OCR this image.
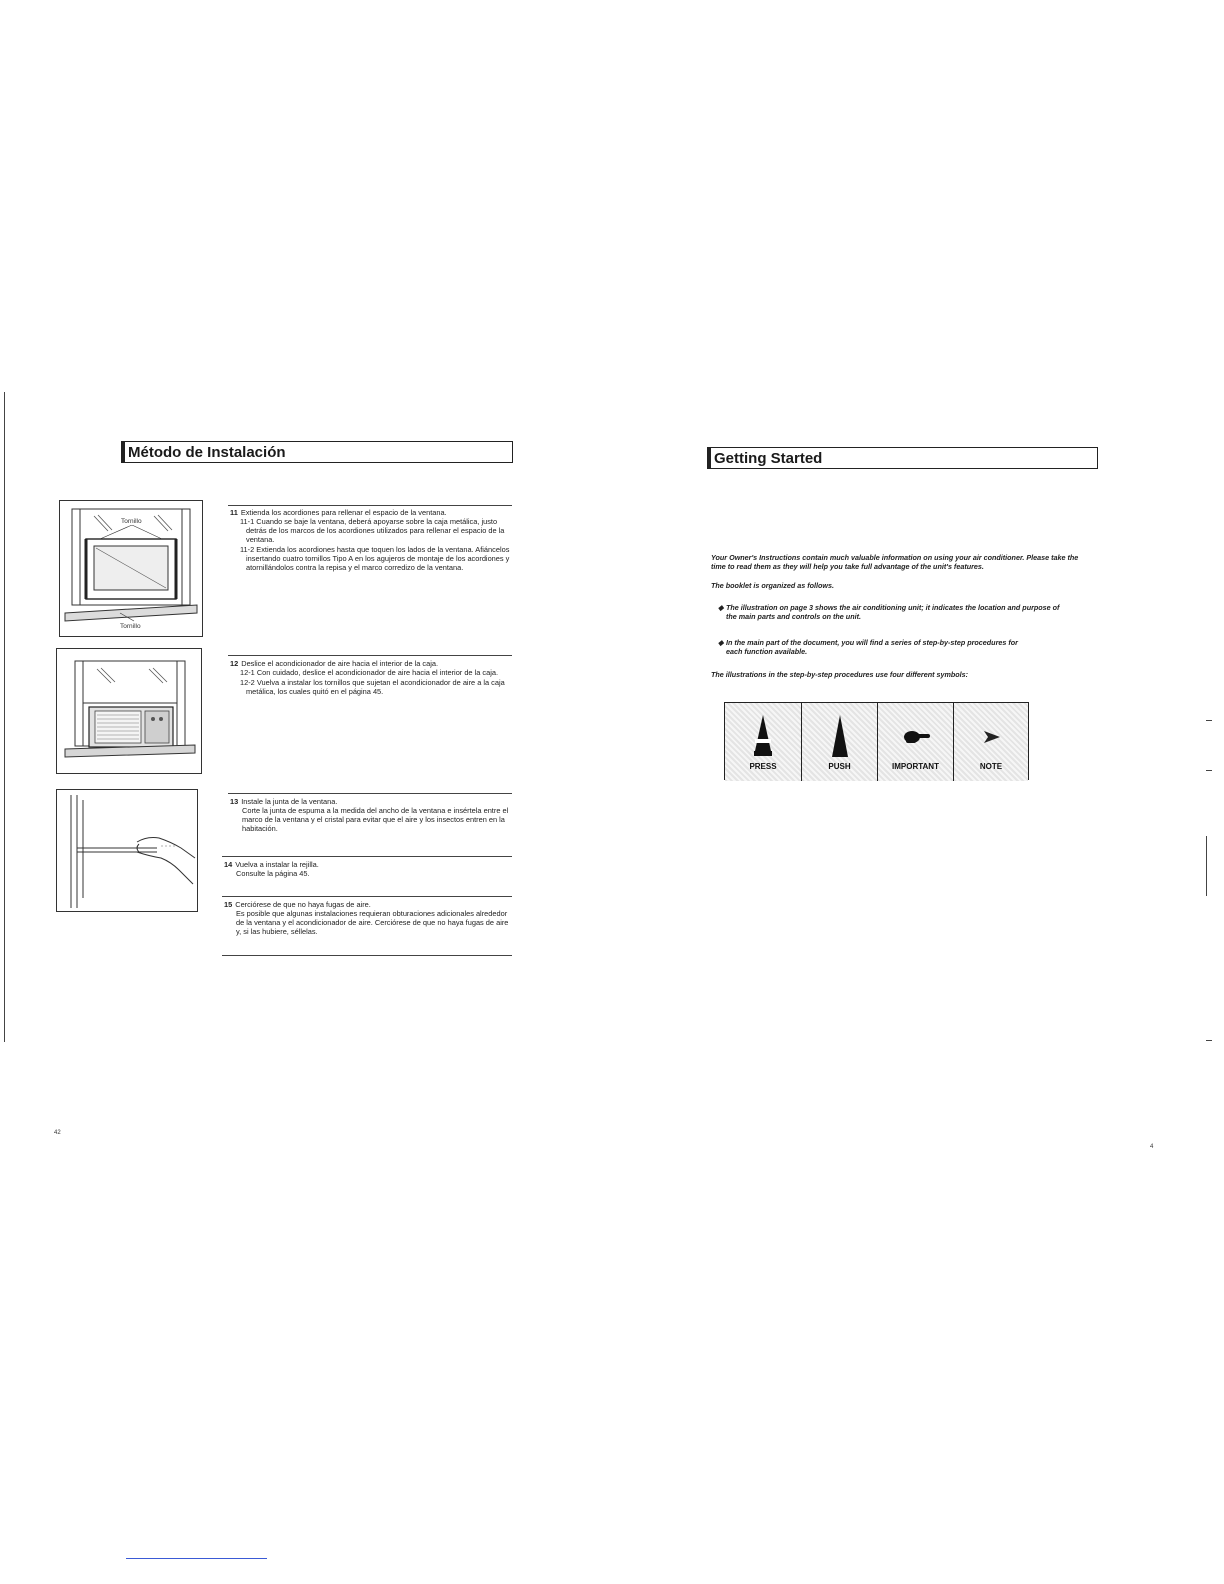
Método de Instalación
Tornillo
Tornillo
11 Extienda los acordiones para rellenar el espacio de la ventana.
11-1 Cuando se baje la ventana, deberá apoyarse sobre la caja metálica, justo detrás de los marcos de los acordiones utilizados para rellenar el espacio de la ventana.
11-2 Extienda los acordiones hasta que toquen los lados de la ventana. Afiáncelos insertando cuatro tornillos Tipo A en los agujeros de montaje de los acordiones y atornillándolos contra la repisa y el marco corredizo de la ventana.
12 Deslice el acondicionador de aire hacia el interior de la caja.
12-1 Con cuidado, deslice el acondicionador de aire hacia el interior de la caja.
12-2 Vuelva a instalar los tornillos que sujetan el acondicionador de aire a la caja metálica, los cuales quitó en el página 45.
13 Instale la junta de la ventana.
Corte la junta de espuma a la medida del ancho de la ventana e insértela entre el marco de la ventana y el cristal para evitar que el aire y los insectos entren en la habitación.
14 Vuelva a instalar la rejilla.
Consulte la página 45.
15 Cerciórese de que no haya fugas de aire.
Es posible que algunas instalaciones requieran obturaciones adicionales alrededor de la ventana y el acondicionador de aire. Cerciórese de que no haya fugas de aire y, si las hubiere, séllelas.
42
Getting Started
Your Owner's Instructions contain much valuable information on using your air conditioner. Please take the time to read them as they will help you take full advantage of the unit's features.
The booklet is organized as follows.
◆ The illustration on page 3 shows the air conditioning unit; it indicates the location and purpose of the main parts and controls on the unit.
◆ In the main part of the document, you will find a series of step-by-step procedures for each function available.
The illustrations in the step-by-step procedures use four different symbols:
PRESS	PUSH	IMPORTANT	NOTE
4
